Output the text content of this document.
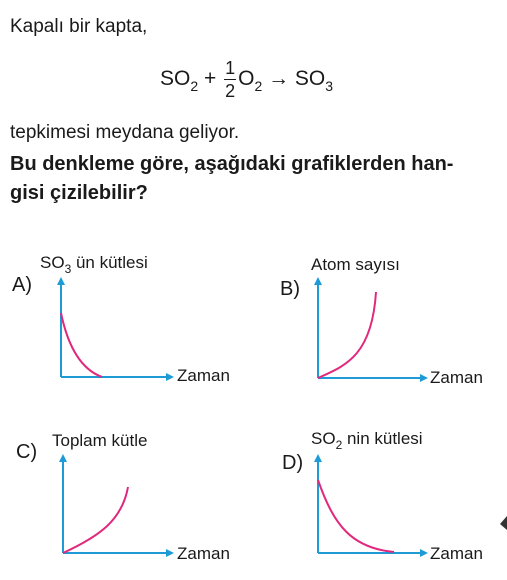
Kapalı bir kapta,
$SO_2 + \frac{1}{2} O_2 \to SO_3$
tepkimesi meydana geliyor.
Bu denkleme göre, aşağıdaki grafiklerden han-
gisi çizilebilir?
$SO_3$ ün kütlesi
A)
Zaman
Atom sayısı
B)
Zaman
Toplam kütle
C)
Zaman
$SO_2$ nin kütlesi
D)
Zaman
